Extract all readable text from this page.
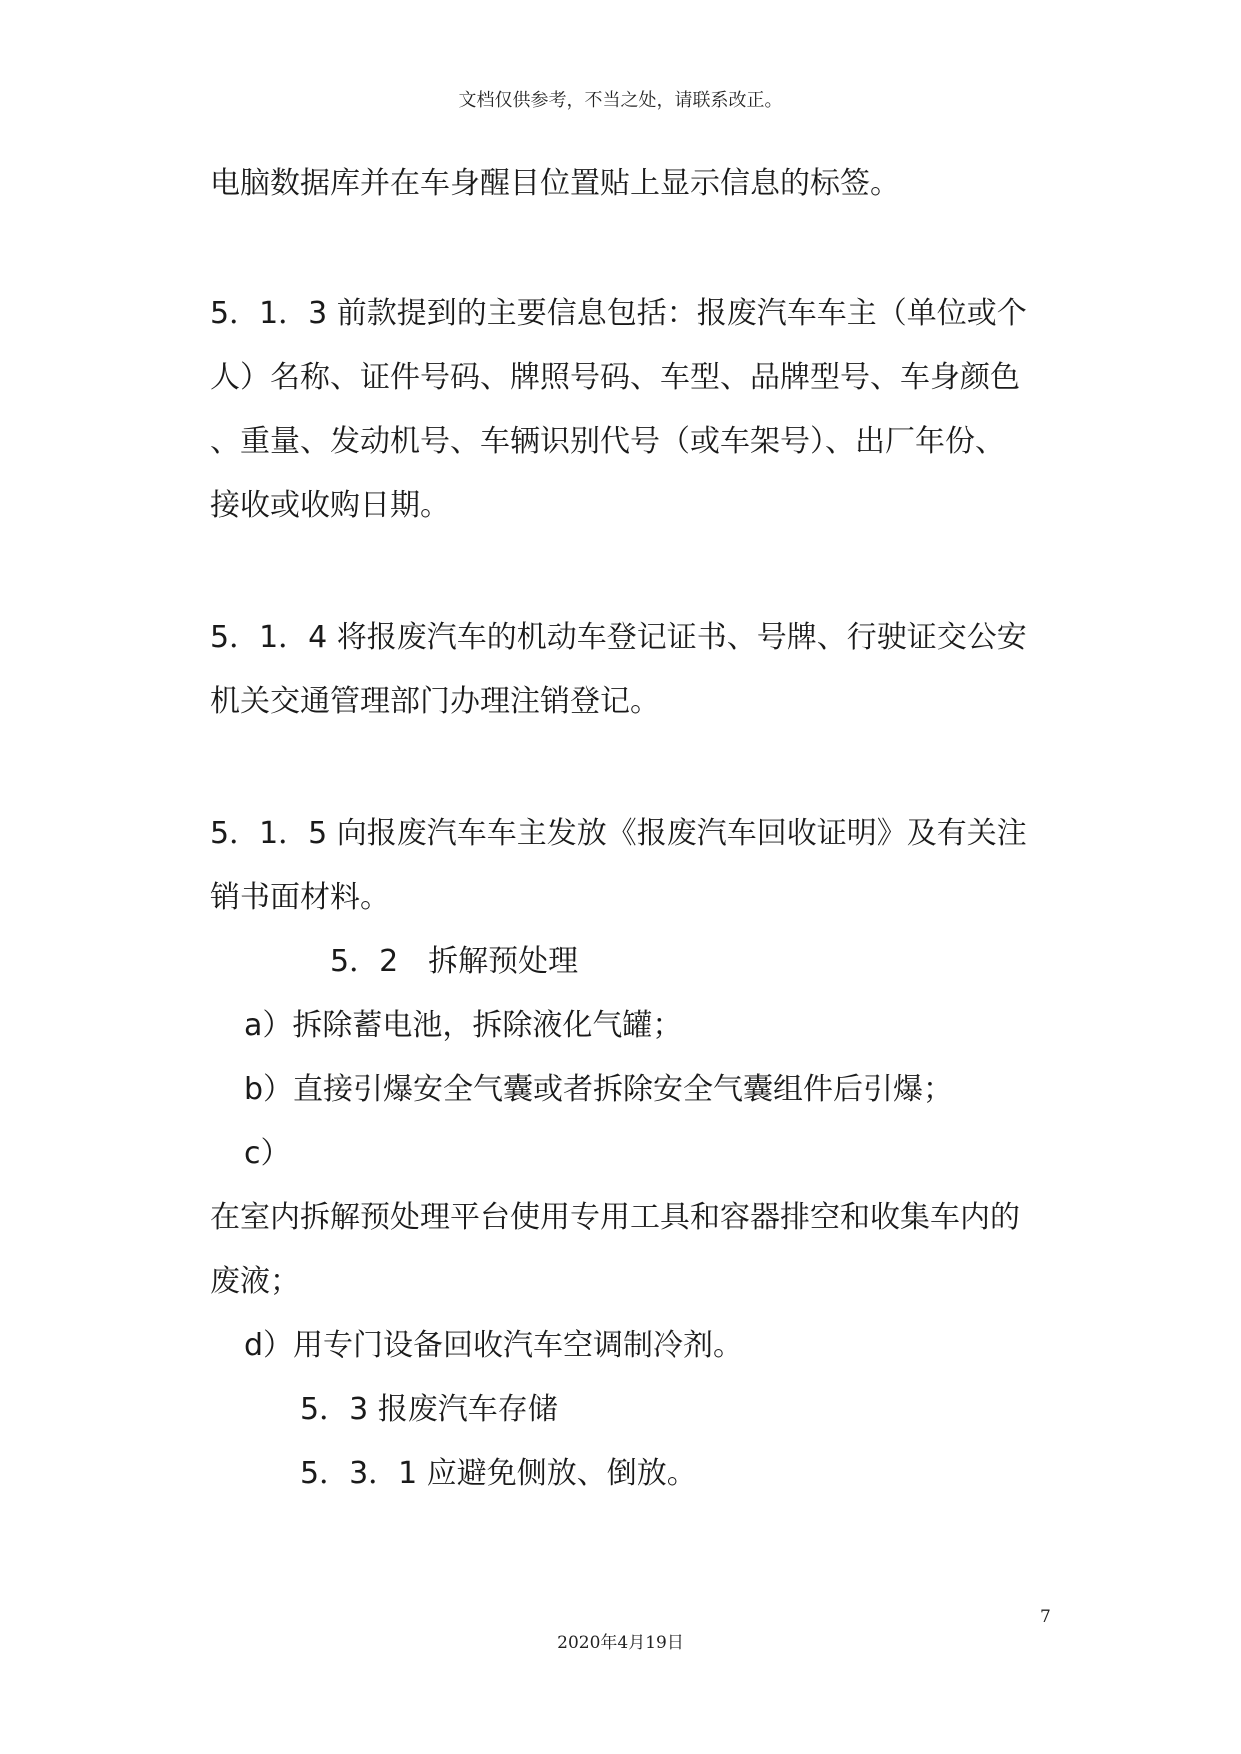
文档仅供参考，不当之处，请联系改正。
电脑数据库并在车身醒目位置贴上显示信息的标签。
5．1．3 前款提到的主要信息包括：报废汽车车主（单位或个
人）名称、证件号码、牌照号码、车型、品牌型号、车身颜色
、重量、发动机号、车辆识别代号（或车架号）、出厂年份、
接收或收购日期。
5．1．4 将报废汽车的机动车登记证书、号牌、行驶证交公安
机关交通管理部门办理注销登记。
5．1．5 向报废汽车车主发放《报废汽车回收证明》及有关注
销书面材料。
5．2　拆解预处理
a）拆除蓄电池，拆除液化气罐；
b）直接引爆安全气囊或者拆除安全气囊组件后引爆；
c）
在室内拆解预处理平台使用专用工具和容器排空和收集车内的
废液；
d）用专门设备回收汽车空调制冷剂。
5．3 报废汽车存储
5．3．1 应避免侧放、倒放。
7
2020年4月19日
